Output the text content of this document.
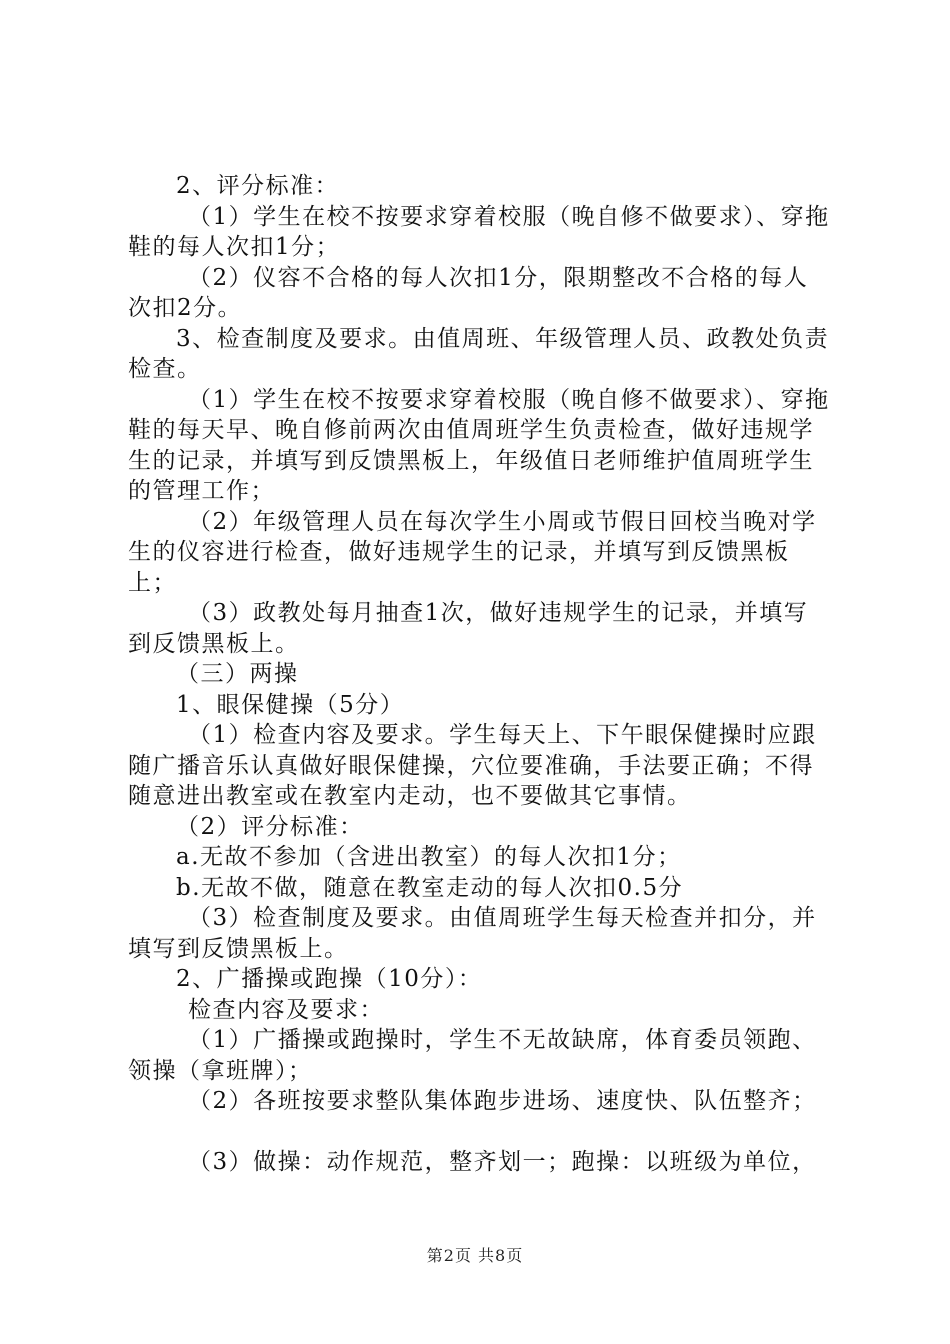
2、评分标准：

（1）学生在校不按要求穿着校服（晚自修不做要求）、穿拖鞋的每人次扣1分；

（2）仪容不合格的每人次扣1分，限期整改不合格的每人次扣2分。

3、检查制度及要求。由值周班、年级管理人员、政教处负责检查。

（1）学生在校不按要求穿着校服（晚自修不做要求）、穿拖鞋的每天早、晚自修前两次由值周班学生负责检查，做好违规学生的记录，并填写到反馈黑板上，年级值日老师维护值周班学生的管理工作；

（2）年级管理人员在每次学生小周或节假日回校当晚对学生的仪容进行检查，做好违规学生的记录，并填写到反馈黑板上；

（3）政教处每月抽查1次，做好违规学生的记录，并填写到反馈黑板上。

（三）两操

1、眼保健操（5分）

（1）检查内容及要求。学生每天上、下午眼保健操时应跟随广播音乐认真做好眼保健操，穴位要准确，手法要正确；不得随意进出教室或在教室内走动，也不要做其它事情。

（2）评分标准：

a.无故不参加（含进出教室）的每人次扣1分；

b.无故不做，随意在教室走动的每人次扣0.5分

（3）检查制度及要求。由值周班学生每天检查并扣分，并填写到反馈黑板上。

2、广播操或跑操（10分）：

检查内容及要求：

（1）广播操或跑操时，学生不无故缺席，体育委员领跑、领操（拿班牌）；

（2）各班按要求整队集体跑步进场、速度快、队伍整齐；

（3）做操：动作规范，整齐划一；跑操：以班级为单位，

第2页 共8页
